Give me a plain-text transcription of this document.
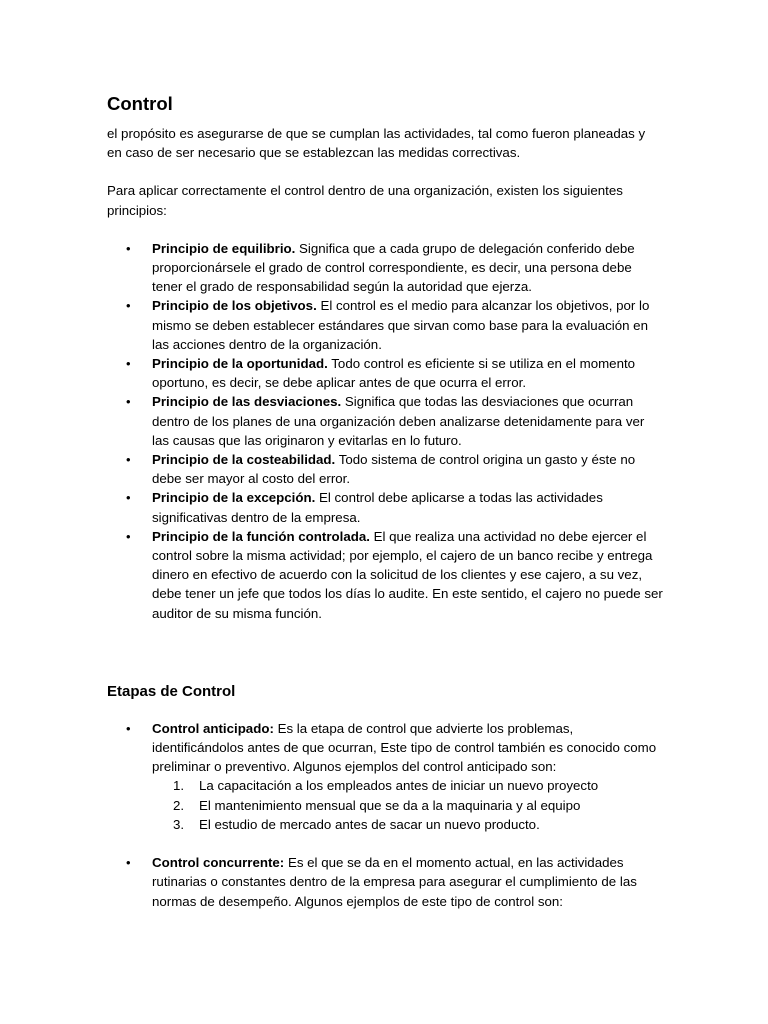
Control

el propósito es asegurarse de que se cumplan las actividades, tal como fueron planeadas y en caso de ser necesario que se establezcan las medidas correctivas.

Para aplicar correctamente el control dentro de una organización, existen los siguientes principios:

• Principio de equilibrio. Significa que a cada grupo de delegación conferido debe proporcionársele el grado de control correspondiente, es decir, una persona debe tener el grado de responsabilidad según la autoridad que ejerza.
• Principio de los objetivos. El control es el medio para alcanzar los objetivos, por lo mismo se deben establecer estándares que sirvan como base para la evaluación en las acciones dentro de la organización.
• Principio de la oportunidad. Todo control es eficiente si se utiliza en el momento oportuno, es decir, se debe aplicar antes de que ocurra el error.
• Principio de las desviaciones. Significa que todas las desviaciones que ocurran dentro de los planes de una organización deben analizarse detenidamente para ver las causas que las originaron y evitarlas en lo futuro.
• Principio de la costeabilidad. Todo sistema de control origina un gasto y éste no debe ser mayor al costo del error.
• Principio de la excepción. El control debe aplicarse a todas las actividades significativas dentro de la empresa.
• Principio de la función controlada. El que realiza una actividad no debe ejercer el control sobre la misma actividad; por ejemplo, el cajero de un banco recibe y entrega dinero en efectivo de acuerdo con la solicitud de los clientes y ese cajero, a su vez, debe tener un jefe que todos los días lo audite. En este sentido, el cajero no puede ser auditor de su misma función.
Etapas de Control
• Control anticipado: Es la etapa de control que advierte los problemas, identificándolos antes de que ocurran, Este tipo de control también es conocido como preliminar o preventivo. Algunos ejemplos del control anticipado son:
1. La capacitación a los empleados antes de iniciar un nuevo proyecto
2. El mantenimiento mensual que se da a la maquinaria y al equipo
3. El estudio de mercado antes de sacar un nuevo producto.
• Control concurrente: Es el que se da en el momento actual, en las actividades rutinarias o constantes dentro de la empresa para asegurar el cumplimiento de las normas de desempeño. Algunos ejemplos de este tipo de control son:
